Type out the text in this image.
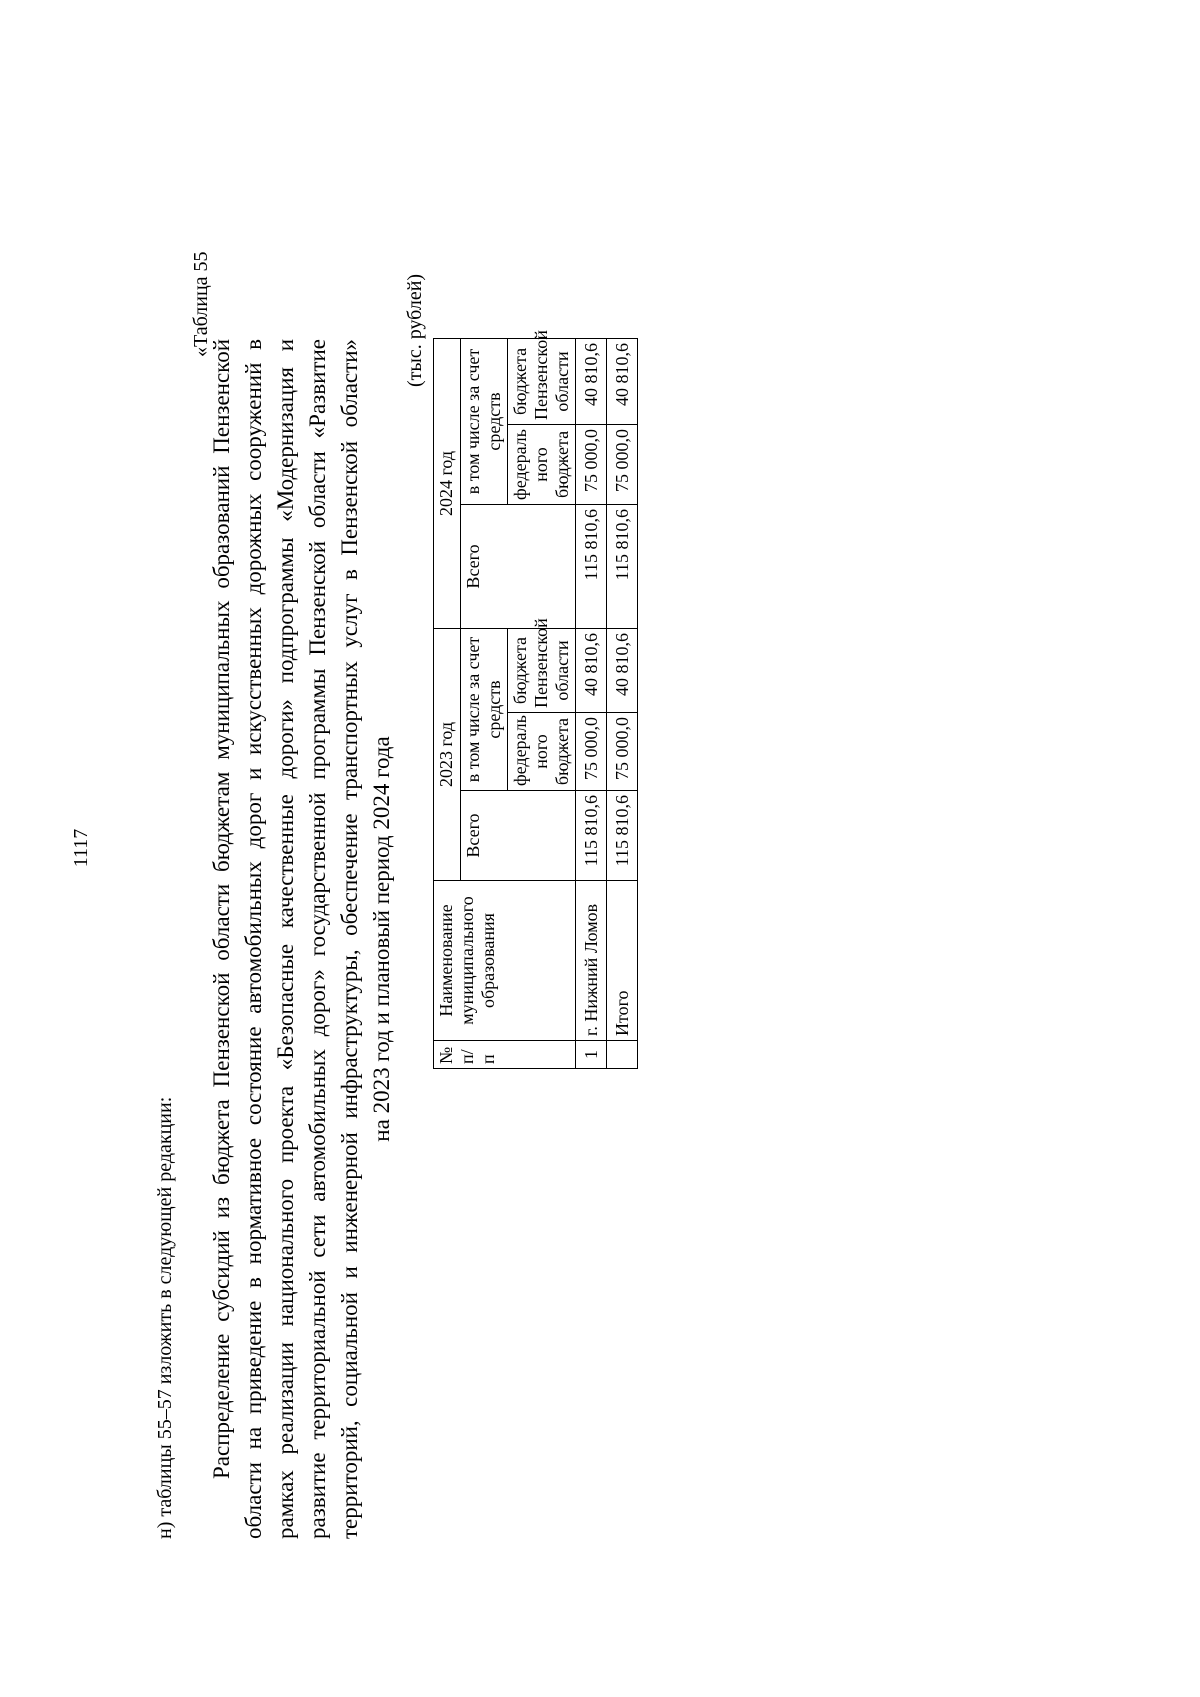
1117
н) таблицы 55–57 изложить в следующей редакции:
«Таблица 55
Распределение субсидий из бюджета Пензенской области бюджетам муниципальных образований Пензенской области на приведение в нормативное состояние автомобильных дорог и искусственных дорожных сооружений в рамках реализации национального проекта «Безопасные качественные дороги» подпрограммы «Модернизация и развитие территориальной сети автомобильных дорог» государственной программы Пензенской области «Развитие территорий, социальной и инженерной инфраструктуры, обеспечение транспортных услуг в Пензенской области» на 2023 год и плановый период 2024 года
(тыс. рублей)
№ п/п	Наименование муниципального образования	2023 год			2024 год		
		Всего	в том числе за счет средств		Всего	в том числе за счет средств	
			федераль ного бюджета	бюджета Пензенской области		федераль ного бюджета	бюджета Пензенской области
1	г. Нижний Ломов	115 810,6	75 000,0	40 810,6	115 810,6	75 000,0	40 810,6
	Итого	115 810,6	75 000,0	40 810,6	115 810,6	75 000,0	40 810,6
